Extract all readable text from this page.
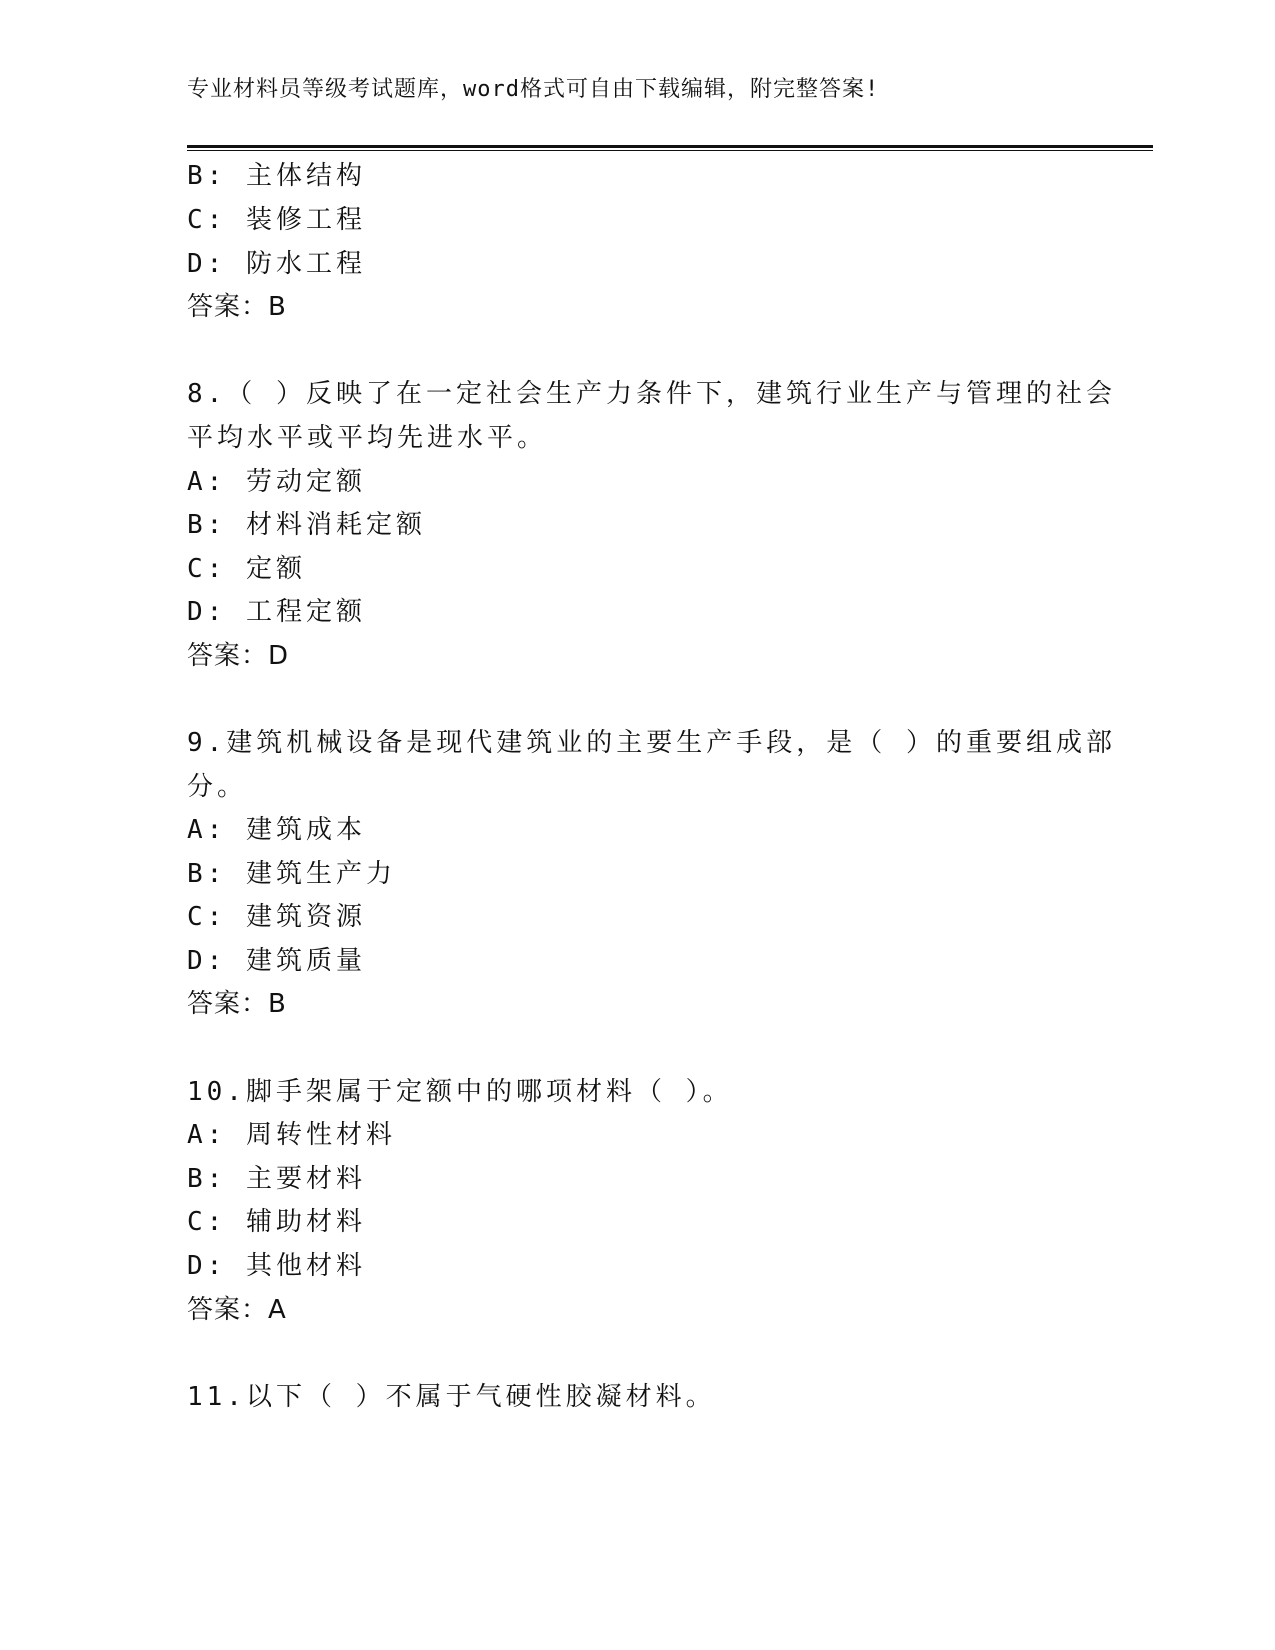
专业材料员等级考试题库，word格式可自由下载编辑，附完整答案!
B: 主体结构
C: 装修工程
D: 防水工程
答案：B
8.（ ）反映了在一定社会生产力条件下，建筑行业生产与管理的社会
平均水平或平均先进水平。
A: 劳动定额
B: 材料消耗定额
C: 定额
D: 工程定额
答案：D
9.建筑机械设备是现代建筑业的主要生产手段，是（ ）的重要组成部
分。
A: 建筑成本
B: 建筑生产力
C: 建筑资源
D: 建筑质量
答案：B
10.脚手架属于定额中的哪项材料（ ）。
A: 周转性材料
B: 主要材料
C: 辅助材料
D: 其他材料
答案：A
11.以下（ ）不属于气硬性胶凝材料。
